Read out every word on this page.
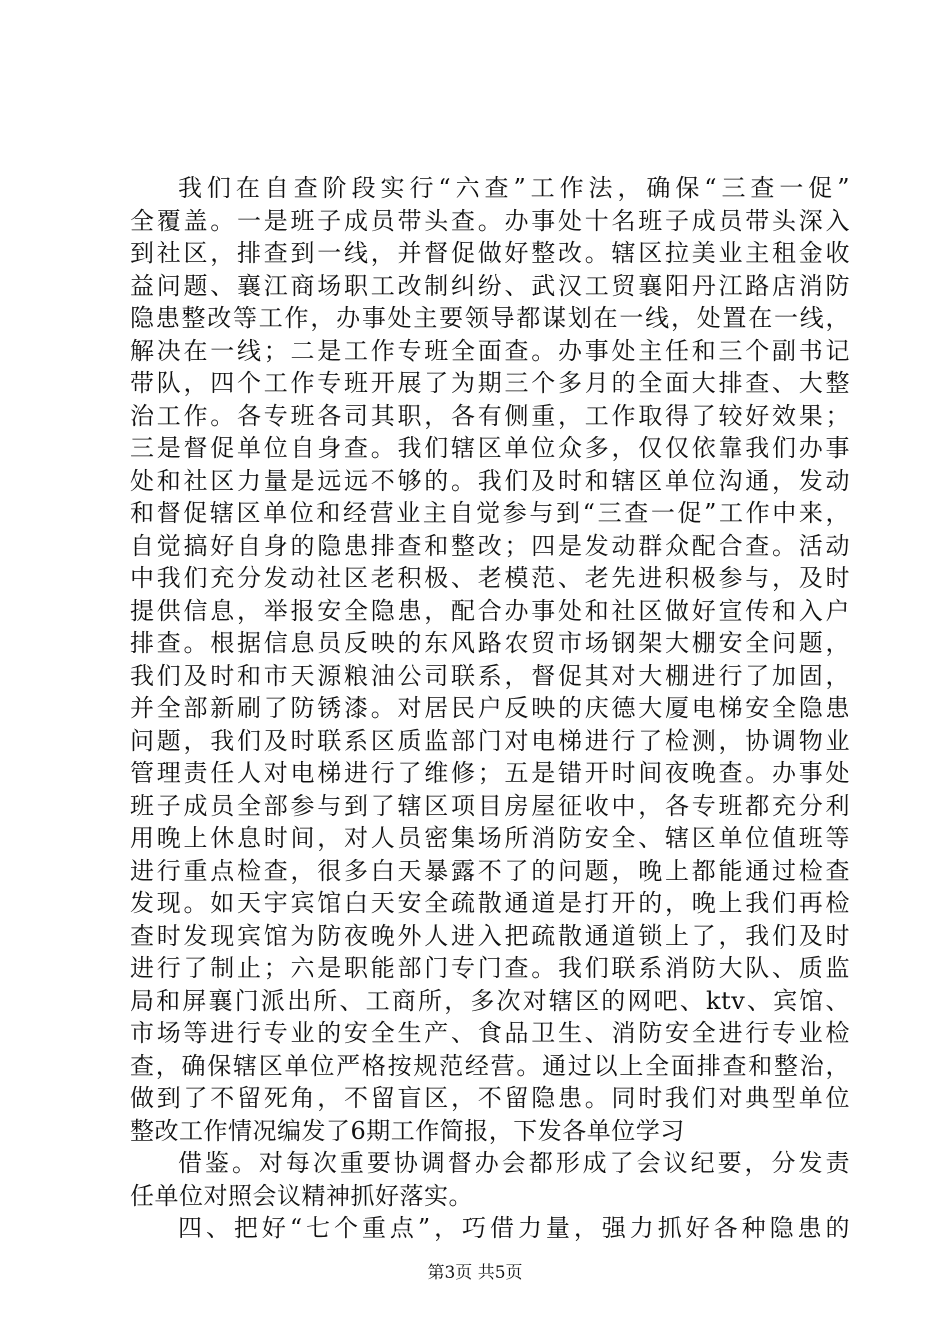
我们在自查阶段实行“六查”工作法，确保“三查一促”
全覆盖。一是班子成员带头查。办事处十名班子成员带头深入
到社区，排查到一线，并督促做好整改。辖区拉美业主租金收
益问题、襄江商场职工改制纠纷、武汉工贸襄阳丹江路店消防
隐患整改等工作，办事处主要领导都谋划在一线，处置在一线，
解决在一线；二是工作专班全面查。办事处主任和三个副书记
带队，四个工作专班开展了为期三个多月的全面大排查、大整
治工作。各专班各司其职，各有侧重，工作取得了较好效果；
三是督促单位自身查。我们辖区单位众多，仅仅依靠我们办事
处和社区力量是远远不够的。我们及时和辖区单位沟通，发动
和督促辖区单位和经营业主自觉参与到“三查一促”工作中来，
自觉搞好自身的隐患排查和整改；四是发动群众配合查。活动
中我们充分发动社区老积极、老模范、老先进积极参与，及时
提供信息，举报安全隐患，配合办事处和社区做好宣传和入户
排查。根据信息员反映的东风路农贸市场钢架大棚安全问题，
我们及时和市天源粮油公司联系，督促其对大棚进行了加固，
并全部新刷了防锈漆。对居民户反映的庆德大厦电梯安全隐患
问题，我们及时联系区质监部门对电梯进行了检测，协调物业
管理责任人对电梯进行了维修；五是错开时间夜晚查。办事处
班子成员全部参与到了辖区项目房屋征收中，各专班都充分利
用晚上休息时间，对人员密集场所消防安全、辖区单位值班等
进行重点检查，很多白天暴露不了的问题，晚上都能通过检查
发现。如天宇宾馆白天安全疏散通道是打开的，晚上我们再检
查时发现宾馆为防夜晚外人进入把疏散通道锁上了，我们及时
进行了制止；六是职能部门专门查。我们联系消防大队、质监
局和屏襄门派出所、工商所，多次对辖区的网吧、ktv、宾馆、
市场等进行专业的安全生产、食品卫生、消防安全进行专业检
查，确保辖区单位严格按规范经营。通过以上全面排查和整治，
做到了不留死角，不留盲区，不留隐患。同时我们对典型单位
整改工作情况编发了6期工作简报，下发各单位学习
借鉴。对每次重要协调督办会都形成了会议纪要，分发责
任单位对照会议精神抓好落实。
四、把好“七个重点”，巧借力量，强力抓好各种隐患的
第3页 共5页
